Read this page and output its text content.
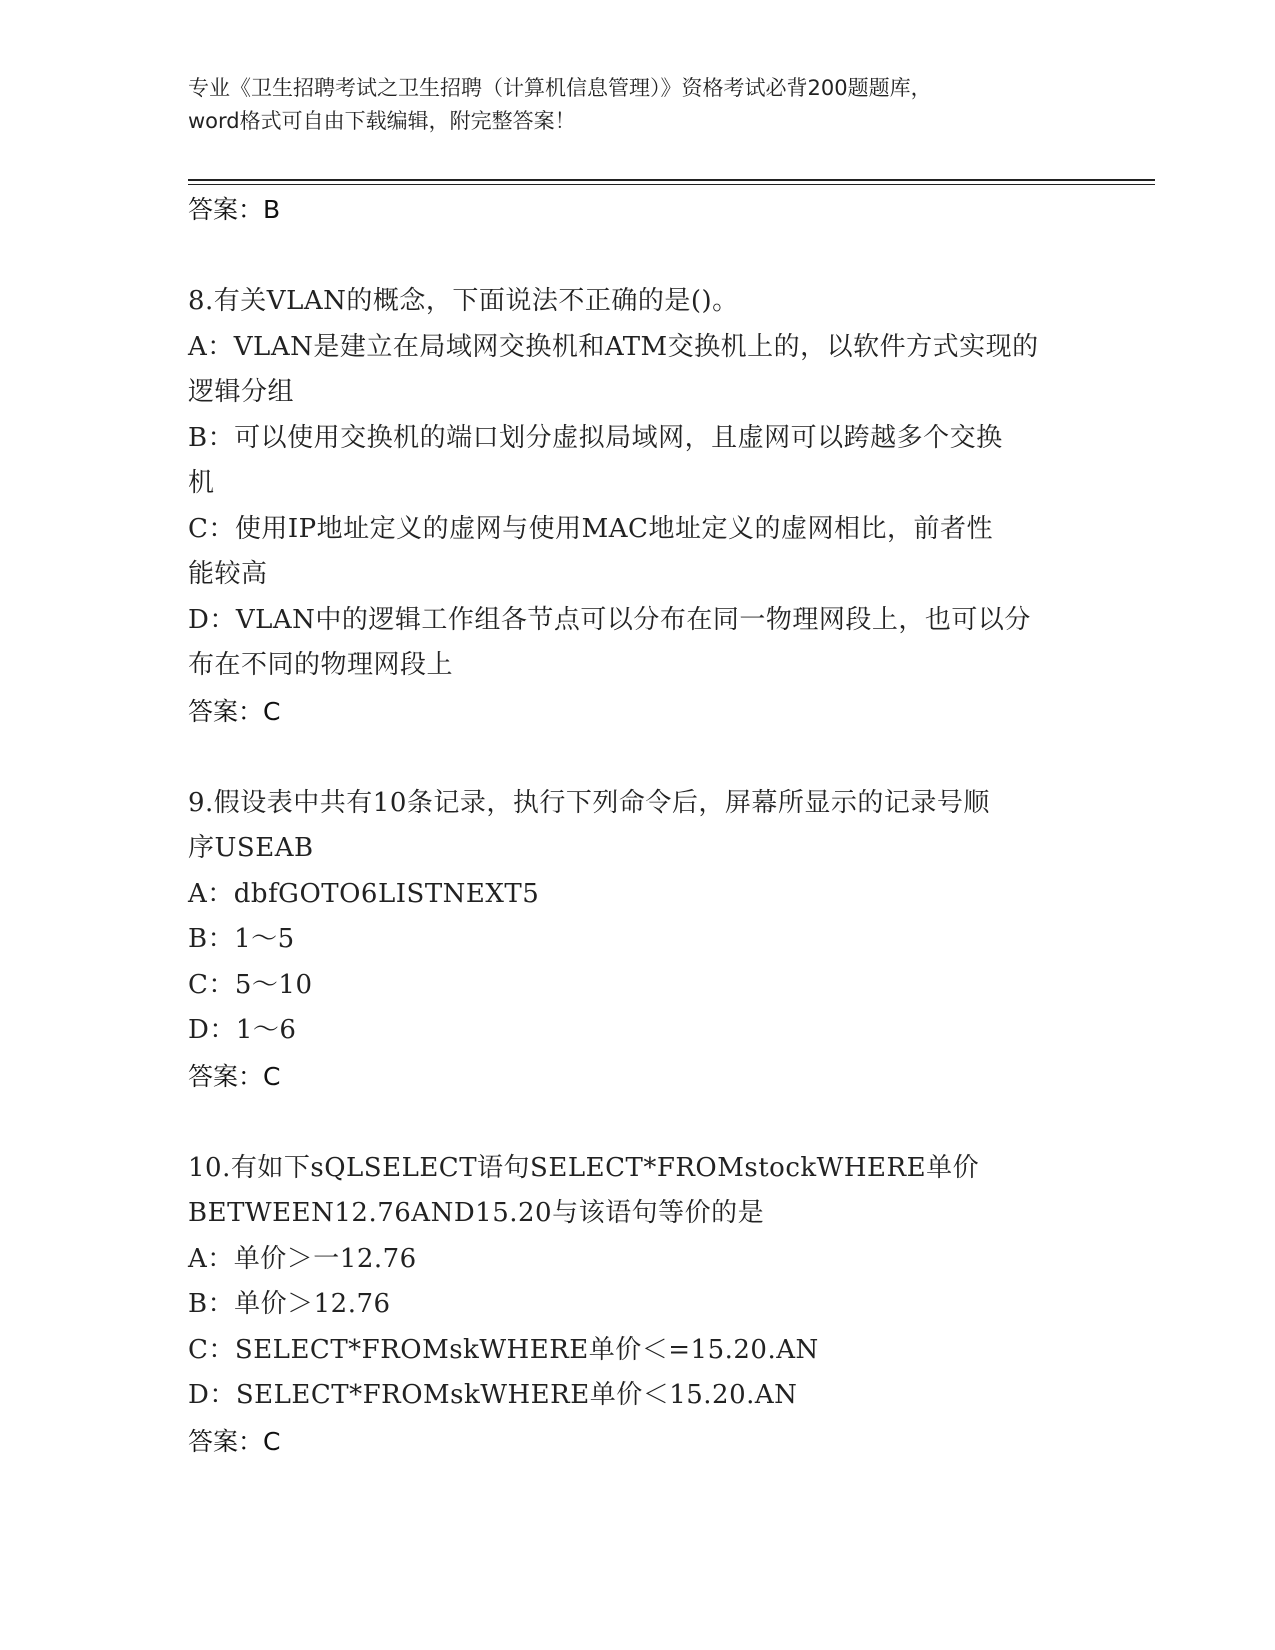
专业《卫生招聘考试之卫生招聘（计算机信息管理）》资格考试必背200题题库，
word格式可自由下载编辑，附完整答案！
答案：B
8.有关VLAN的概念，下面说法不正确的是()。
A：VLAN是建立在局域网交换机和ATM交换机上的，以软件方式实现的
逻辑分组
B：可以使用交换机的端口划分虚拟局域网，且虚网可以跨越多个交换
机
C：使用IP地址定义的虚网与使用MAC地址定义的虚网相比，前者性
能较高
D：VLAN中的逻辑工作组各节点可以分布在同一物理网段上，也可以分
布在不同的物理网段上
答案：C
9.假设表中共有10条记录，执行下列命令后，屏幕所显示的记录号顺
序USEAB
A：dbfGOTO6LISTNEXT5
B：1～5
C：5～10
D：1～6
答案：C
10.有如下sQLSELECT语句SELECT*FROMstockWHERE单价
BETWEEN12.76AND15.20与该语句等价的是
A：单价＞一12.76
B：单价＞12.76
C：SELECT*FROMskWHERE单价＜=15.20.AN
D：SELECT*FROMskWHERE单价＜15.20.AN
答案：C
